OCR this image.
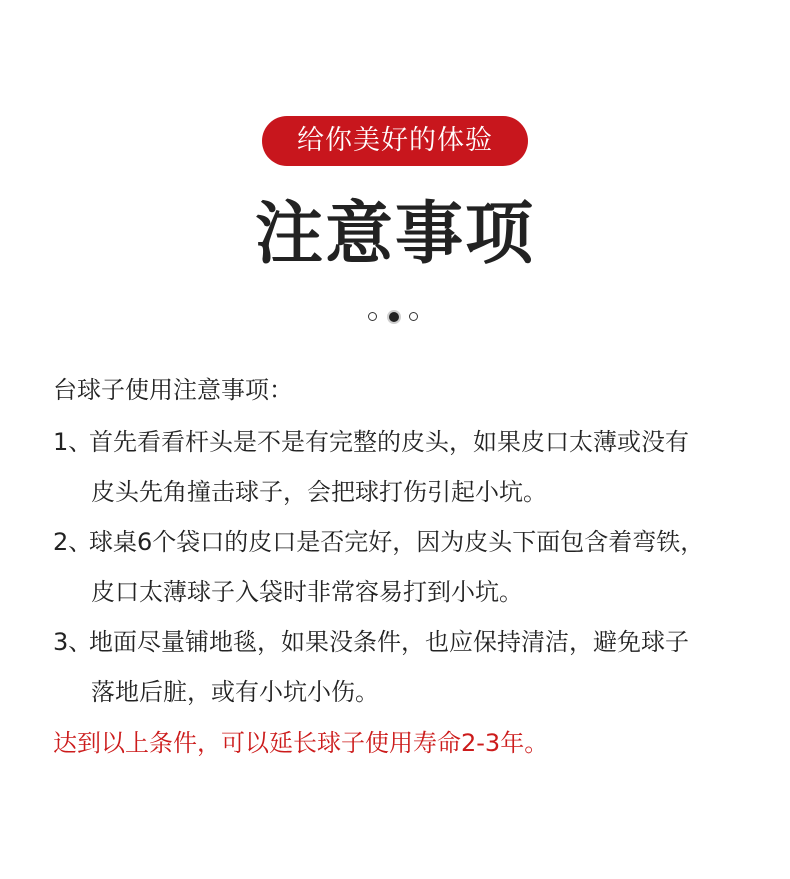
给你美好的体验
注意事项
台球子使用注意事项：
1、
首先看看杆头是不是有完整的皮头，如果皮口太薄或没有
皮头先角撞击球子，会把球打伤引起小坑。
2、
球桌6个袋口的皮口是否完好，因为皮头下面包含着弯铁，
皮口太薄球子入袋时非常容易打到小坑。
3、
地面尽量铺地毯，如果没条件，也应保持清洁，避免球子
落地后脏，或有小坑小伤。
达到以上条件，可以延长球子使用寿命2-3年。
